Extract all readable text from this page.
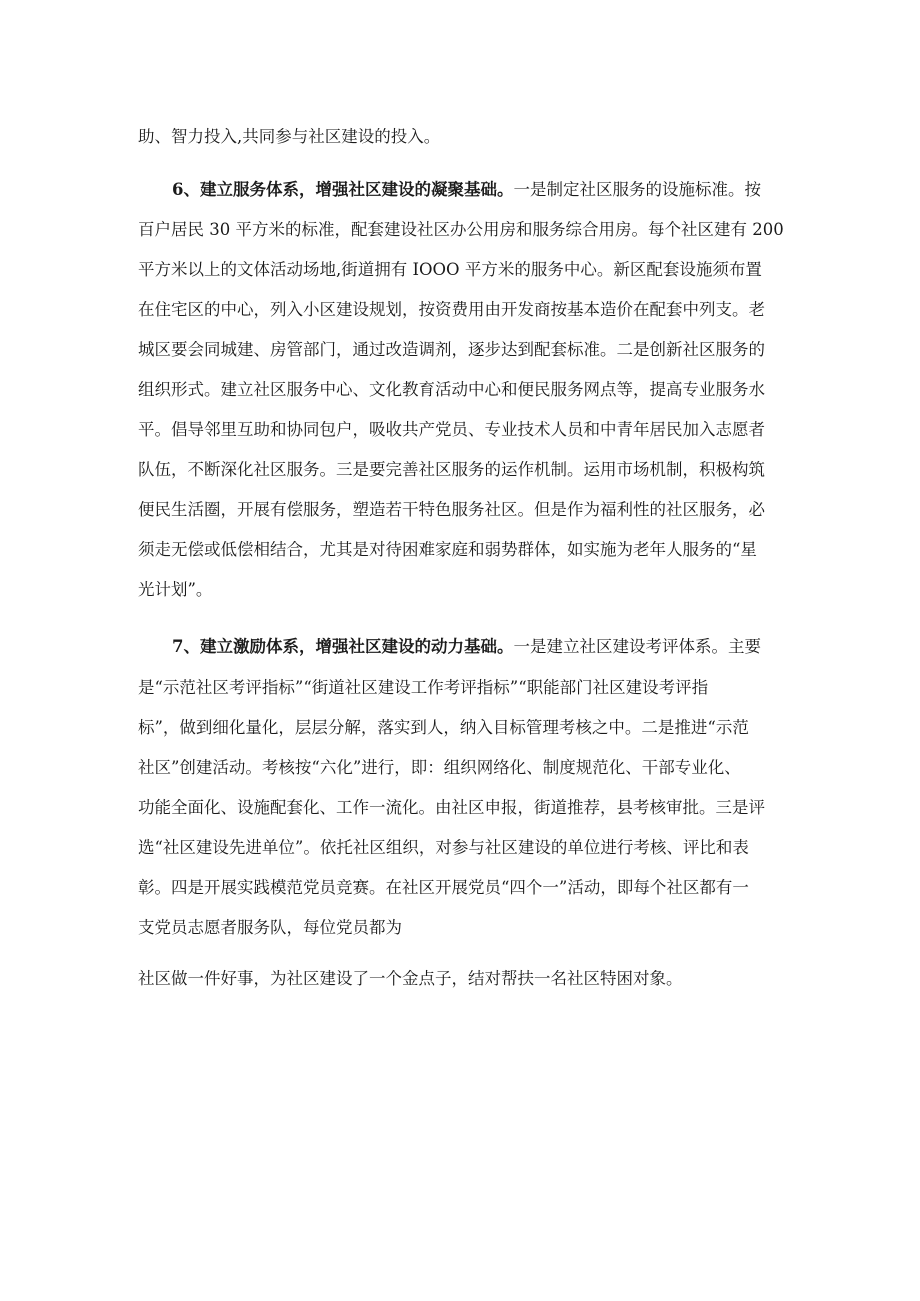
助、智力投入,共同参与社区建设的投入。
6、建立服务体系，增强社区建设的凝聚基础。一是制定社区服务的设施标准。按
百户居民 30 平方米的标准，配套建设社区办公用房和服务综合用房。每个社区建有 200
平方米以上的文体活动场地,街道拥有 IOOO 平方米的服务中心。新区配套设施须布置
在住宅区的中心，列入小区建设规划，按资费用由开发商按基本造价在配套中列支。老
城区要会同城建、房管部门，通过改造调剂，逐步达到配套标准。二是创新社区服务的
组织形式。建立社区服务中心、文化教育活动中心和便民服务网点等，提高专业服务水
平。倡导邻里互助和协同包户，吸收共产党员、专业技术人员和中青年居民加入志愿者
队伍，不断深化社区服务。三是要完善社区服务的运作机制。运用市场机制，积极构筑
便民生活圈，开展有偿服务，塑造若干特色服务社区。但是作为福利性的社区服务，必
须走无偿或低偿相结合，尤其是对待困难家庭和弱势群体，如实施为老年人服务的“星
光计划”。
7、建立激励体系，增强社区建设的动力基础。一是建立社区建设考评体系。主要
是“示范社区考评指标”“街道社区建设工作考评指标”“职能部门社区建设考评指
标”，做到细化量化，层层分解，落实到人，纳入目标管理考核之中。二是推进“示范
社区”创建活动。考核按“六化”进行，即：组织网络化、制度规范化、干部专业化、
功能全面化、设施配套化、工作一流化。由社区申报，街道推荐，县考核审批。三是评
选“社区建设先进单位”。依托社区组织，对参与社区建设的单位进行考核、评比和表
彰。四是开展实践模范党员竞赛。在社区开展党员“四个一”活动，即每个社区都有一
支党员志愿者服务队，每位党员都为
社区做一件好事，为社区建设了一个金点子，结对帮扶一名社区特困对象。
